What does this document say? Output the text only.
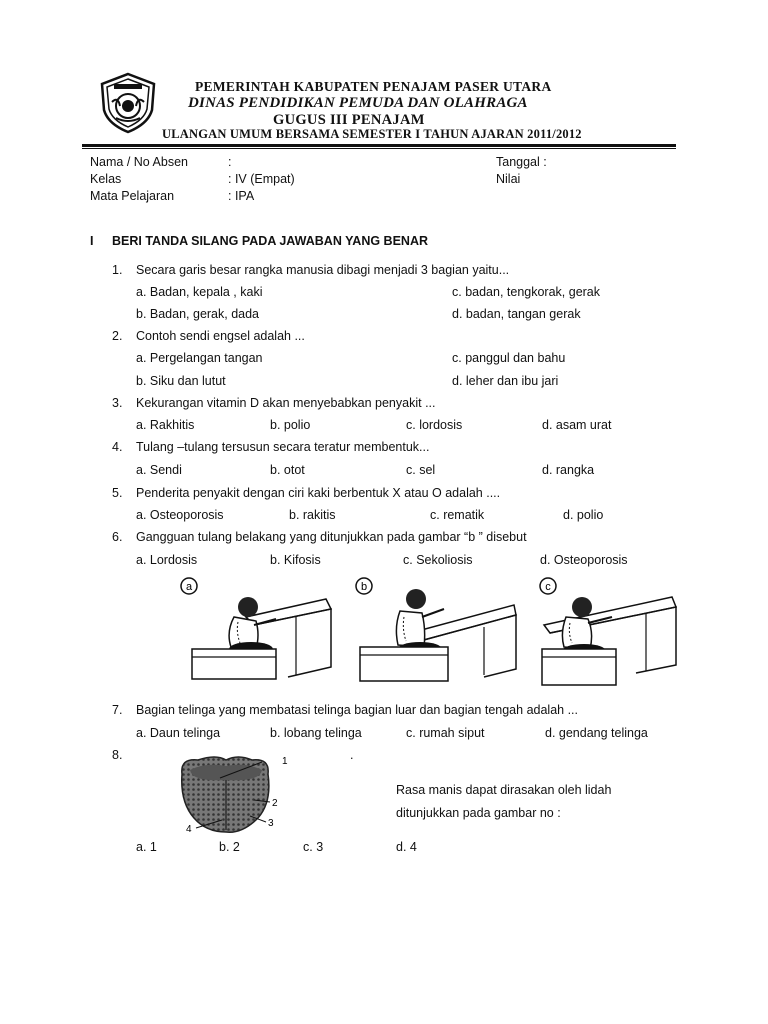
PEMERINTAH KABUPATEN PENAJAM PASER UTARA
DINAS PENDIDIKAN PEMUDA DAN OLAHRAGA
GUGUS III PENAJAM
ULANGAN UMUM BERSAMA SEMESTER I TAHUN AJARAN 2011/2012
Nama / No Absen	:	Tanggal :
Kelas	: IV (Empat)	Nilai
Mata Pelajaran	: IPA
I BERI TANDA SILANG PADA JAWABAN YANG BENAR
1. Secara garis besar rangka manusia dibagi menjadi 3 bagian yaitu...
a. Badan, kepala , kaki	c. badan, tengkorak, gerak
b. Badan, gerak, dada	d. badan, tangan gerak
2. Contoh sendi engsel adalah ...
a. Pergelangan tangan	c. panggul dan bahu
b. Siku dan lutut	d. leher dan ibu jari
3. Kekurangan vitamin D akan menyebabkan penyakit ...
a. Rakhitis	b. polio	c. lordosis	d. asam urat
4. Tulang –tulang tersusun secara teratur membentuk...
a. Sendi	b. otot	c. sel	d. rangka
5. Penderita penyakit dengan ciri kaki berbentuk X atau O adalah ....
a. Osteoporosis	b. rakitis	c. rematik	d. polio
6. Gangguan tulang belakang yang ditunjukkan pada gambar “b ” disebut
a. Lordosis	b. Kifosis	c. Sekoliosis	d. Osteoporosis
a	b	c
7. Bagian telinga yang membatasi telinga bagian luar dan bagian tengah adalah ...
a. Daun telinga	b. lobang telinga	c. rumah siput	d. gendang telinga
8.	.
1
2
3
4
Rasa manis dapat dirasakan oleh lidah
ditunjukkan pada gambar no :
a. 1	b. 2	c. 3	d. 4
